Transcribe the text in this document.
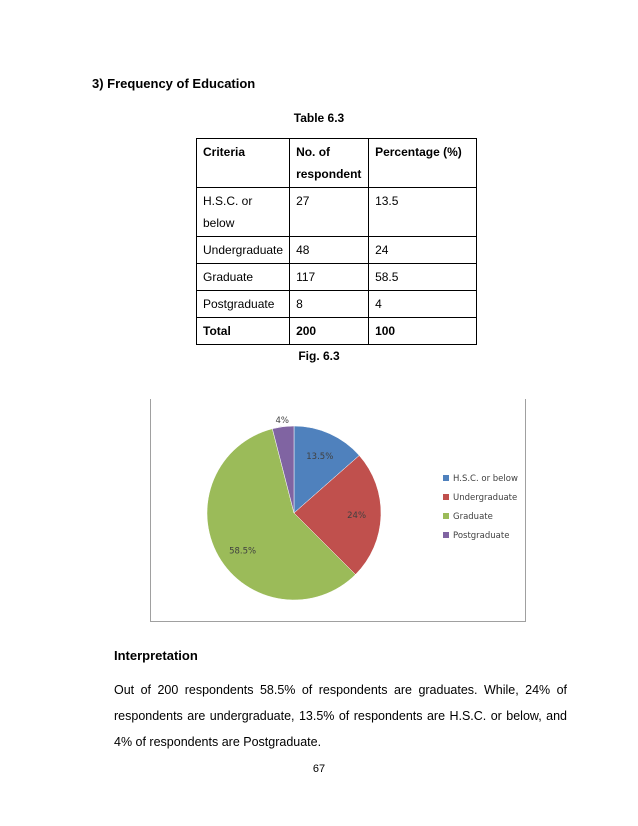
3) Frequency of Education
Table 6.3
Criteria	No. of respondent	Percentage (%)
H.S.C. or below	27	13.5
Undergraduate	48	24
Graduate	117	58.5
Postgraduate	8	4
Total	200	100
Fig. 6.3
13.5%
24%
58.5%
4%
H.S.C. or below
Undergraduate
Graduate
Postgraduate
Interpretation
Out of 200 respondents 58.5% of respondents are graduates. While, 24% of respondents are undergraduate, 13.5% of respondents are H.S.C. or below, and 4% of respondents are Postgraduate.
67
